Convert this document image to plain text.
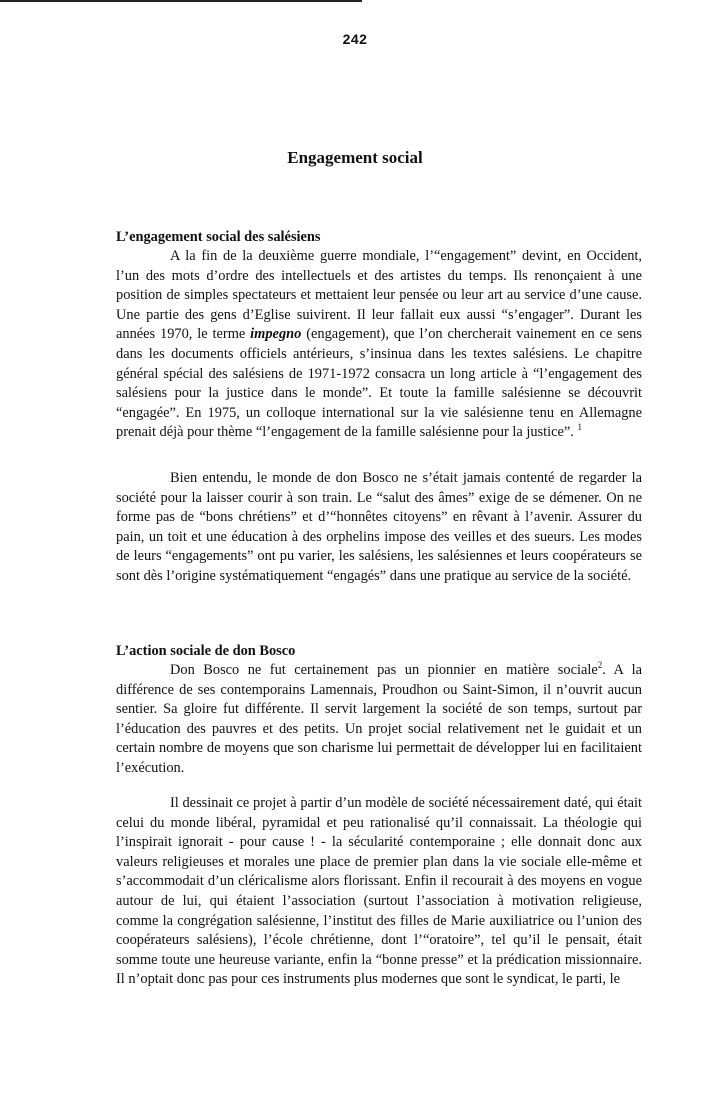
242
Engagement social
L’engagement social des salésiens

A la fin de la deuxième guerre mondiale, l’“engagement” devint, en Occident, l’un des mots d’ordre des intellectuels et des artistes du temps. Ils renonçaient à une position de simples spectateurs et mettaient leur pensée ou leur art au service d’une cause. Une partie des gens d’Eglise suivirent. Il leur fallait eux aussi “s’engager”. Durant les années 1970, le terme impegno (engagement), que l’on chercherait vainement en ce sens dans les documents officiels antérieurs, s’insinua dans les textes salésiens. Le chapitre général spécial des salésiens de 1971-1972 consacra un long article à “l’engagement des salésiens pour la justice dans le monde”. Et toute la famille salésienne se découvrit “engagée”. En 1975, un colloque international sur la vie salésienne tenu en Allemagne prenait déjà pour thème “l’engagement de la famille salésienne pour la justice”. $^1$

Bien entendu, le monde de don Bosco ne s’était jamais contenté de regarder la société pour la laisser courir à son train. Le “salut des âmes” exige de se démener. On ne forme pas de “bons chrétiens” et d’“honnêtes citoyens” en rêvant à l’avenir. Assurer du pain, un toit et une éducation à des orphelins impose des veilles et des sueurs. Les modes de leurs “engagements” ont pu varier, les salésiens, les salésiennes et leurs coopérateurs se sont dès l’origine systématiquement “engagés” dans une pratique au service de la société.

L’action sociale de don Bosco

Don Bosco ne fut certainement pas un pionnier en matière sociale$^2$. A la différence de ses contemporains Lamennais, Proudhon ou Saint-Simon, il n’ouvrit aucun sentier. Sa gloire fut différente. Il servit largement la société de son temps, surtout par l’éducation des pauvres et des petits. Un projet social relativement net le guidait et un certain nombre de moyens que son charisme lui permettait de développer lui en facilitaient l’exécution.

Il dessinait ce projet à partir d’un modèle de société nécessairement daté, qui était celui du monde libéral, pyramidal et peu rationalisé qu’il connaissait. La théologie qui l’inspirait ignorait - pour cause ! - la sécularité contemporaine ; elle donnait donc aux valeurs religieuses et morales une place de premier plan dans la vie sociale elle-même et s’accommodait d’un cléricalisme alors florissant. Enfin il recourait à des moyens en vogue autour de lui, qui étaient l’association (surtout l’association à motivation religieuse, comme la congrégation salésienne, l’institut des filles de Marie auxiliatrice ou l’union des coopérateurs salésiens), l’école chrétienne, dont l’“oratoire”, tel qu’il le pensait, était somme toute une heureuse variante, enfin la “bonne presse” et la prédication missionnaire. Il n’optait donc pas pour ces instruments plus modernes que sont le syndicat, le parti, le
